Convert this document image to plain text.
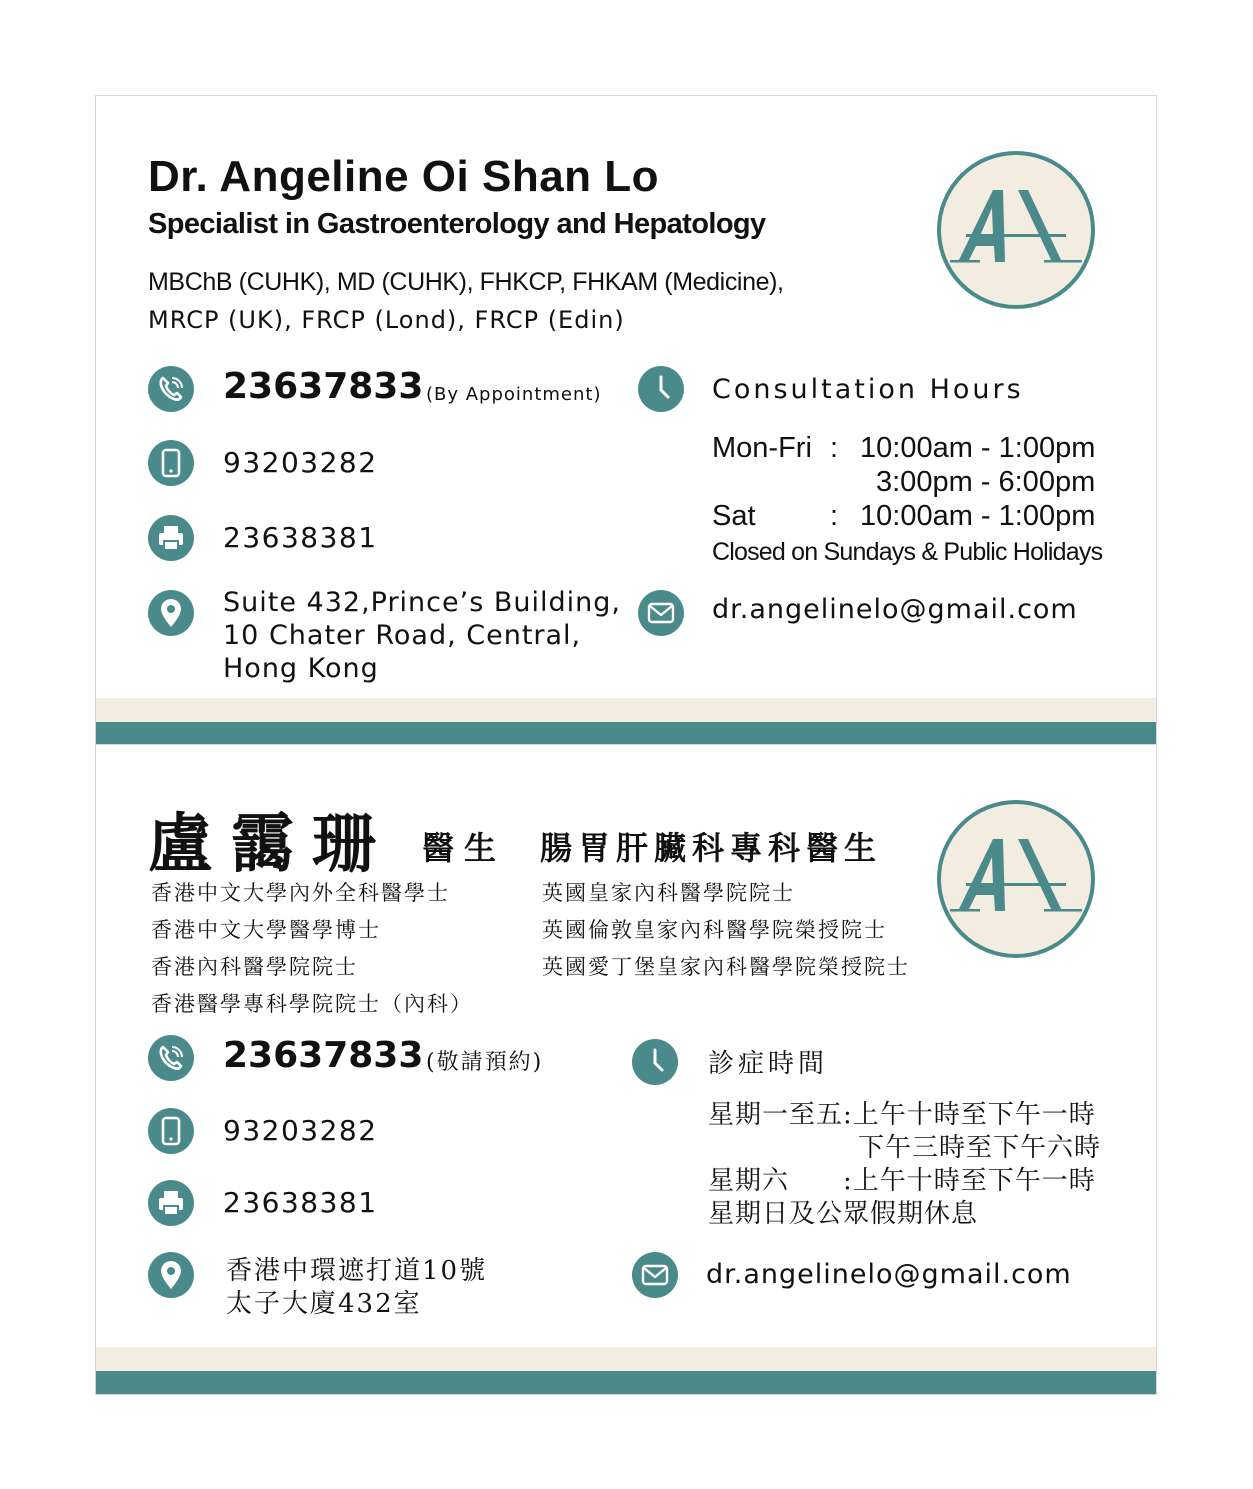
Dr. Angeline Oi Shan Lo
Specialist in Gastroenterology and Hepatology
MBChB (CUHK), MD (CUHK), FHKCP, FHKAM (Medicine),
MRCP (UK), FRCP (Lond), FRCP (Edin)
23637833 (By Appointment)
93203282
23638381
Suite 432,Prince’s Building,
10 Chater Road, Central,
Hong Kong
Consultation Hours
Mon-Fri : 10:00am - 1:00pm
3:00pm - 6:00pm
Sat	: 10:00am - 1:00pm
Closed on Sundays & Public Holidays
dr.angelinelo@gmail.com
盧靄珊 醫生 腸胃肝臟科專科醫生
香港中文大學內外全科醫學士
香港中文大學醫學博士
香港內科醫學院院士
香港醫學專科學院院士（內科）
英國皇家內科醫學院院士
英國倫敦皇家內科醫學院榮授院士
英國愛丁堡皇家內科醫學院榮授院士
23637833 (敬請預約)
93203282
23638381
香港中環遮打道10號
太子大廈432室
診症時間
星期一至五:上午十時至下午一時
下午三時至下午六時
星期六　　:上午十時至下午一時
星期日及公眾假期休息
dr.angelinelo@gmail.com
